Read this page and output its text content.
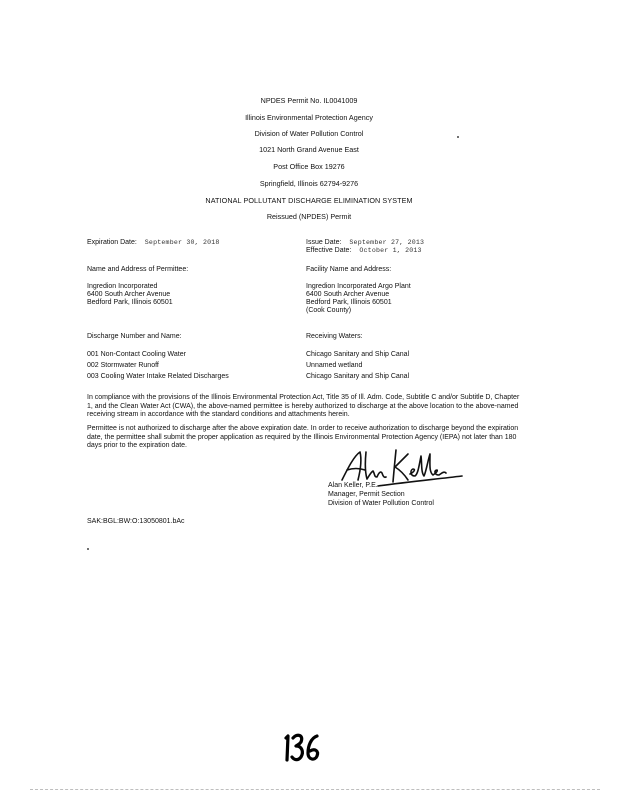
NPDES Permit No. IL0041009
Illinois Environmental Protection Agency
Division of Water Pollution Control
1021 North Grand Avenue East
Post Office Box 19276
Springfield, Illinois 62794-9276
NATIONAL POLLUTANT DISCHARGE ELIMINATION SYSTEM
Reissued (NPDES) Permit
Expiration Date: September 30, 2018	Issue Date: September 27, 2013
Effective Date: October 1, 2013
Name and Address of Permittee:
Ingredion Incorporated
6400 South Archer Avenue
Bedford Park, Illinois 60501
Facility Name and Address:
Ingredion Incorporated Argo Plant
6400 South Archer Avenue
Bedford Park, Illinois 60501
(Cook County)
Discharge Number and Name:
001 Non-Contact Cooling Water
002 Stormwater Runoff
003 Cooling Water Intake Related Discharges
Receiving Waters:
Chicago Sanitary and Ship Canal
Unnamed wetland
Chicago Sanitary and Ship Canal
In compliance with the provisions of the Illinois Environmental Protection Act, Title 35 of Ill. Adm. Code, Subtitle C and/or Subtitle D, Chapter 1, and the Clean Water Act (CWA), the above-named permittee is hereby authorized to discharge at the above location to the above-named receiving stream in accordance with the standard conditions and attachments herein.
Permittee is not authorized to discharge after the above expiration date. In order to receive authorization to discharge beyond the expiration date, the permittee shall submit the proper application as required by the Illinois Environmental Protection Agency (IEPA) not later than 180 days prior to the expiration date.
Alan Keller, P.E.
Manager, Permit Section
Division of Water Pollution Control
SAK:BGL:BW:O:13050801.bAc
